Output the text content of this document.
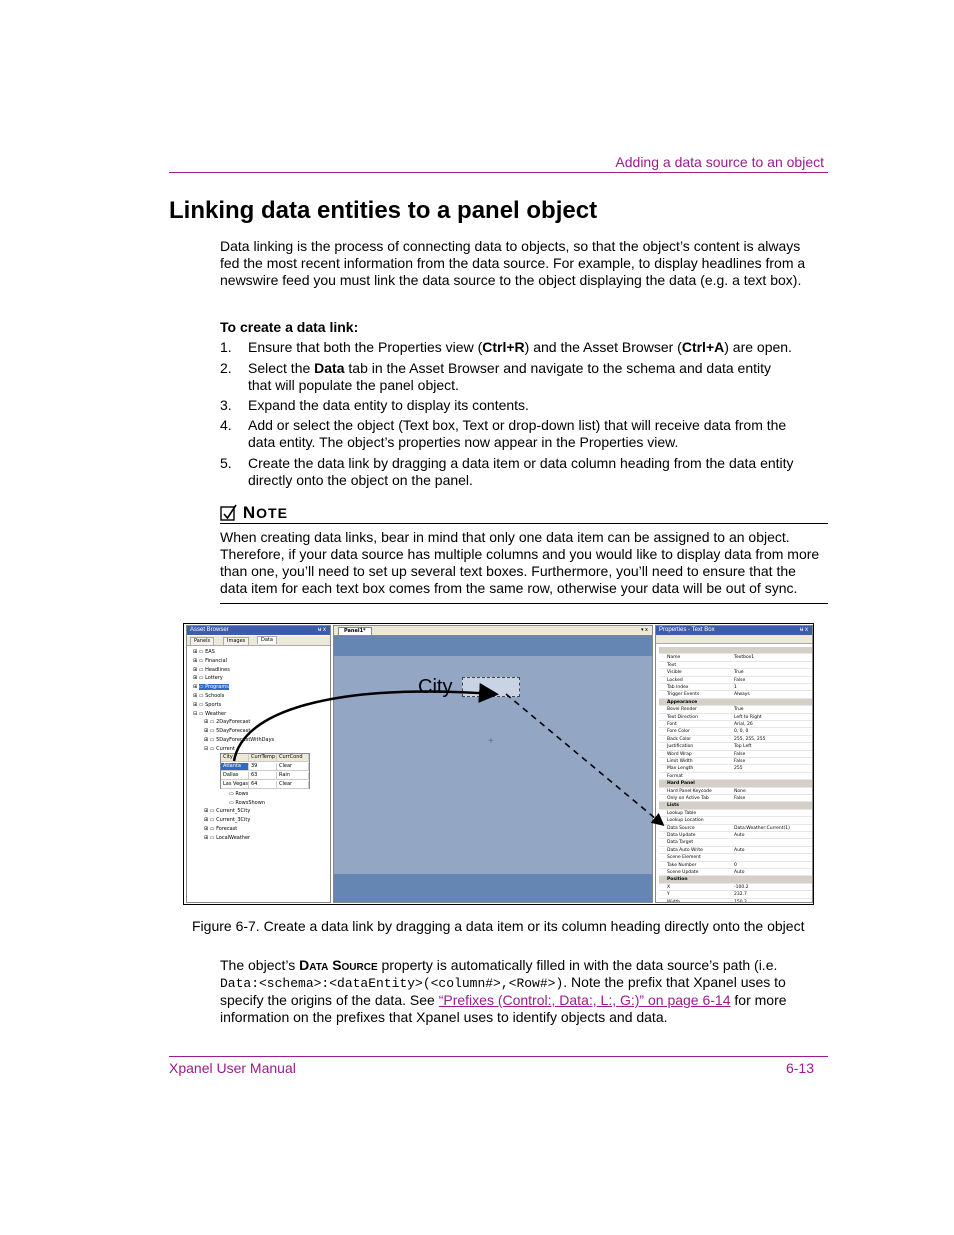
Adding a data source to an object
Linking data entities to a panel object
Data linking is the process of connecting data to objects, so that the object’s content is always fed the most recent information from the data source. For example, to display headlines from a newswire feed you must link the data source to the object displaying the data (e.g. a text box).
To create a data link:
1. Ensure that both the Properties view (Ctrl+R) and the Asset Browser (Ctrl+A) are open.
2. Select the Data tab in the Asset Browser and navigate to the schema and data entity that will populate the panel object.
3. Expand the data entity to display its contents.
4. Add or select the object (Text box, Text or drop-down list) that will receive data from the data entity. The object’s properties now appear in the Properties view.
5. Create the data link by dragging a data item or data column heading from the data entity directly onto the object on the panel.
NOTE
When creating data links, bear in mind that only one data item can be assigned to an object. Therefore, if your data source has multiple columns and you would like to display data from more than one, you’ll need to set up several text boxes. Furthermore, you’ll need to ensure that the data item for each text box comes from the same row, otherwise your data will be out of sync.
Asset Browser	ᵾ x
Panels	Images	Data
⊞ ▭ EAS
⊞ ▭ Financial
⊞ ▭ Headlines
⊞ ▭ Lottery
⊞ ▭ Programs
⊞ ▭ Schools
⊞ ▭ Sports
⊟ ▭ Weather
⊞ ▭ 2DayForecast
⊞ ▭ 5DayForecast
⊞ ▭ 5DayForecastWithDays
⊟ ▭ Current
▭ Rows
▭ RowsShown
⊞ ▭ Current_5City
⊞ ▭ Current_3City
⊞ ▭ Forecast
⊞ ▭ LocalWeather
City	CurrTemp CurrCond
Atlanta	39	Clear
Dallas	63	Rain
Las Vegas 64	Clear
Panel1*	▾ x
City
+
Properties - Text Box	ᵾ x
Name	Textbox1
Text
Visible	True
Locked	False
Tab Index	1
Trigger Events	Always
Appearance
Bevel Render	True
Text Direction	Left to Right
Font	Arial, 26
Fore Color	0, 0, 0
Back Color	255, 255, 255
Justification	Top Left
Word Wrap	False
Limit Width	False
Max Length	255
Format
Hard Panel
Hard Panel Keycode	None
Only on Active Tab	False
Lists
Lookup Table
Lookup Location
Data Source	Data:Weather:Current(1)
Data Update	Auto
Data Target
Data Auto Write	Auto
Scene Element
Take Number	0
Scene Update	Auto
Position
X	-100.2
Y	232.7
Width	150.2
Figure 6-7. Create a data link by dragging a data item or its column heading directly onto the object
The object’s Data Source property is automatically filled in with the data source’s path (i.e. Data:<schema>:<dataEntity>(<column#>,<Row#>). Note the prefix that Xpanel uses to specify the origins of the data. See “Prefixes (Control:, Data:, L:, G:)” on page 6-14 for more information on the prefixes that Xpanel uses to identify objects and data.
Xpanel User Manual	6-13
